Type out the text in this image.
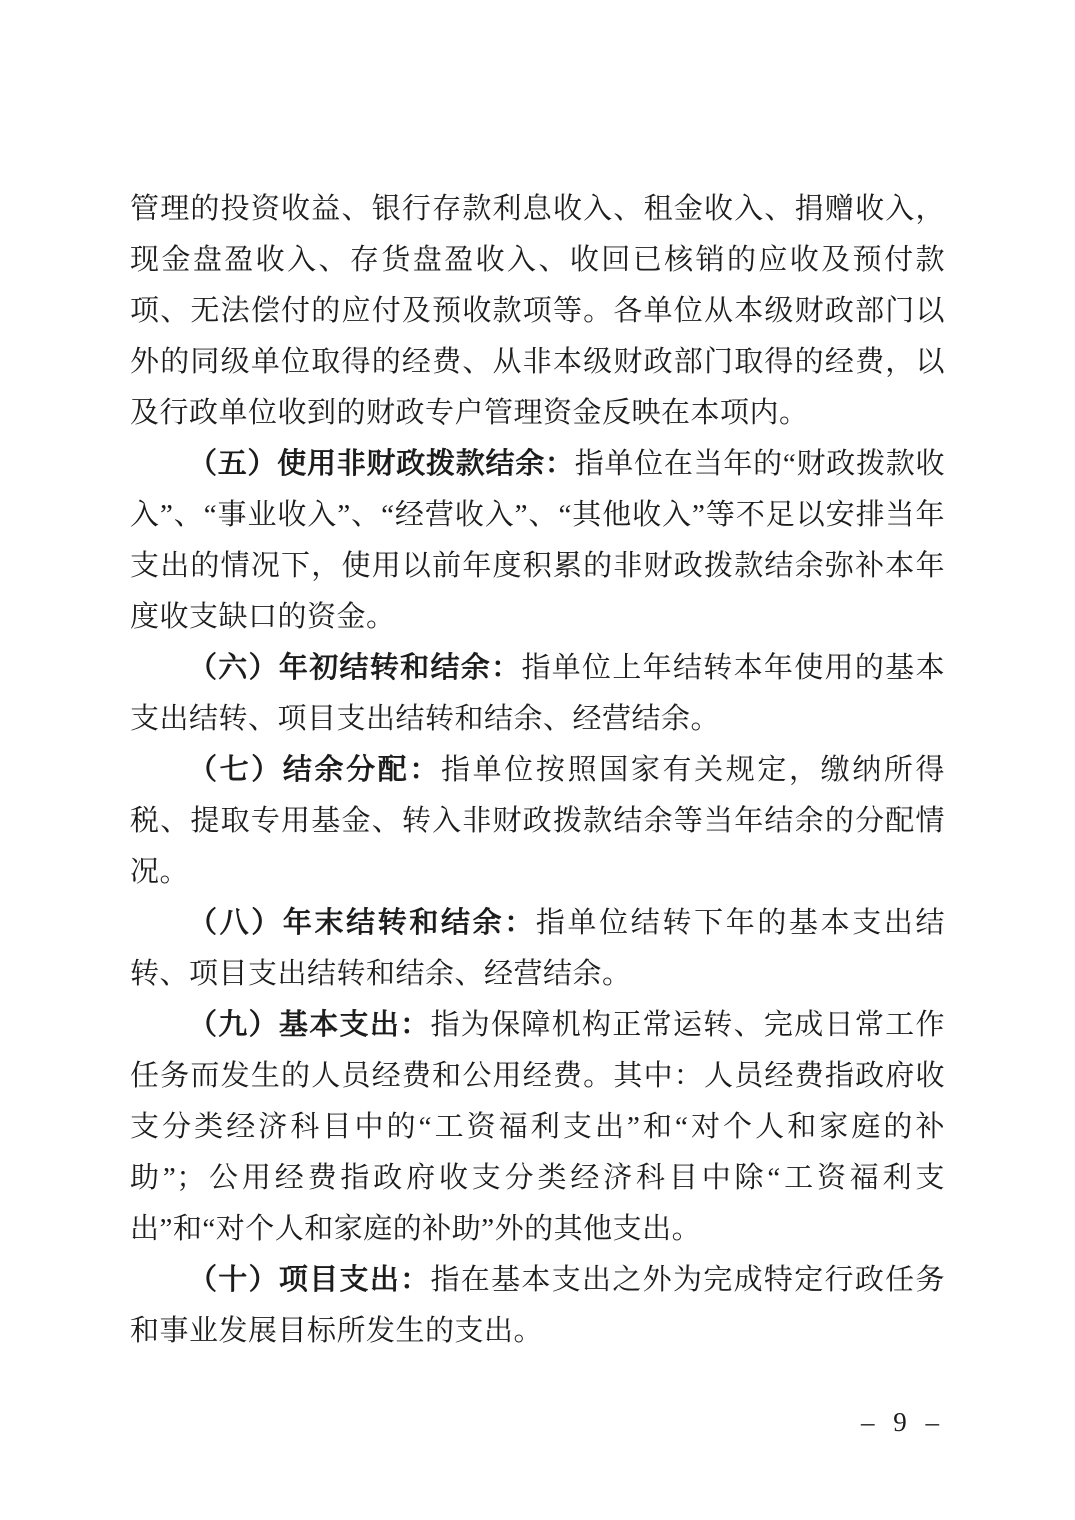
管理的投资收益、银行存款利息收入、租金收入、捐赠收入，现金盘盈收入、存货盘盈收入、收回已核销的应收及预付款项、无法偿付的应付及预收款项等。各单位从本级财政部门以外的同级单位取得的经费、从非本级财政部门取得的经费，以及行政单位收到的财政专户管理资金反映在本项内。

（五）使用非财政拨款结余：指单位在当年的“财政拨款收入”、“事业收入”、“经营收入”、“其他收入”等不足以安排当年支出的情况下，使用以前年度积累的非财政拨款结余弥补本年度收支缺口的资金。

（六）年初结转和结余：指单位上年结转本年使用的基本支出结转、项目支出结转和结余、经营结余。

（七）结余分配：指单位按照国家有关规定，缴纳所得税、提取专用基金、转入非财政拨款结余等当年结余的分配情况。

（八）年末结转和结余：指单位结转下年的基本支出结转、项目支出结转和结余、经营结余。

（九）基本支出：指为保障机构正常运转、完成日常工作任务而发生的人员经费和公用经费。其中：人员经费指政府收支分类经济科目中的“工资福利支出”和“对个人和家庭的补助”；公用经费指政府收支分类经济科目中除“工资福利支出”和“对个人和家庭的补助”外的其他支出。

（十）项目支出：指在基本支出之外为完成特定行政任务和事业发展目标所发生的支出。

– 9 –
